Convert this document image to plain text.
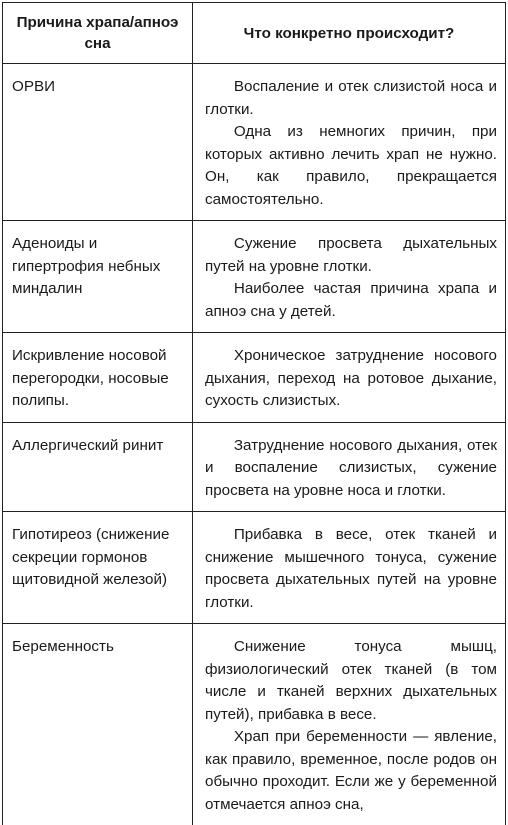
Причина храпа/апноэ сна	Что конкретно происходит?
ОРВИ	Воспаление и отек слизистой носа и глотки.

Одна из немногих причин, при которых активно лечить храп не нужно. Он, как правило, прекращается самостоятельно.

Аденоиды и гипертрофия небных миндалин	Сужение просвета дыхательных путей на уровне глотки.

Наиболее частая причина храпа и апноэ сна у детей.

Искривление носовой перегородки, носовые полипы.	Хроническое затруднение носового дыхания, переход на ротовое дыхание, сухость слизистых.

Аллергический ринит	Затруднение носового дыхания, отек и воспаление слизистых, сужение просвета на уровне носа и глотки.

Гипотиреоз (снижение секреции гормонов щитовидной железой)	Прибавка в весе, отек тканей и снижение мышечного тонуса, сужение просвета дыхательных путей на уровне глотки.

Беременность	Снижение тонуса мышц, физиологический отек тканей (в том числе и тканей верхних дыхательных путей), прибавка в весе.

Храп при беременности — явление, как правило, временное, после родов он обычно проходит. Если же у беременной отмечается апноэ сна,
